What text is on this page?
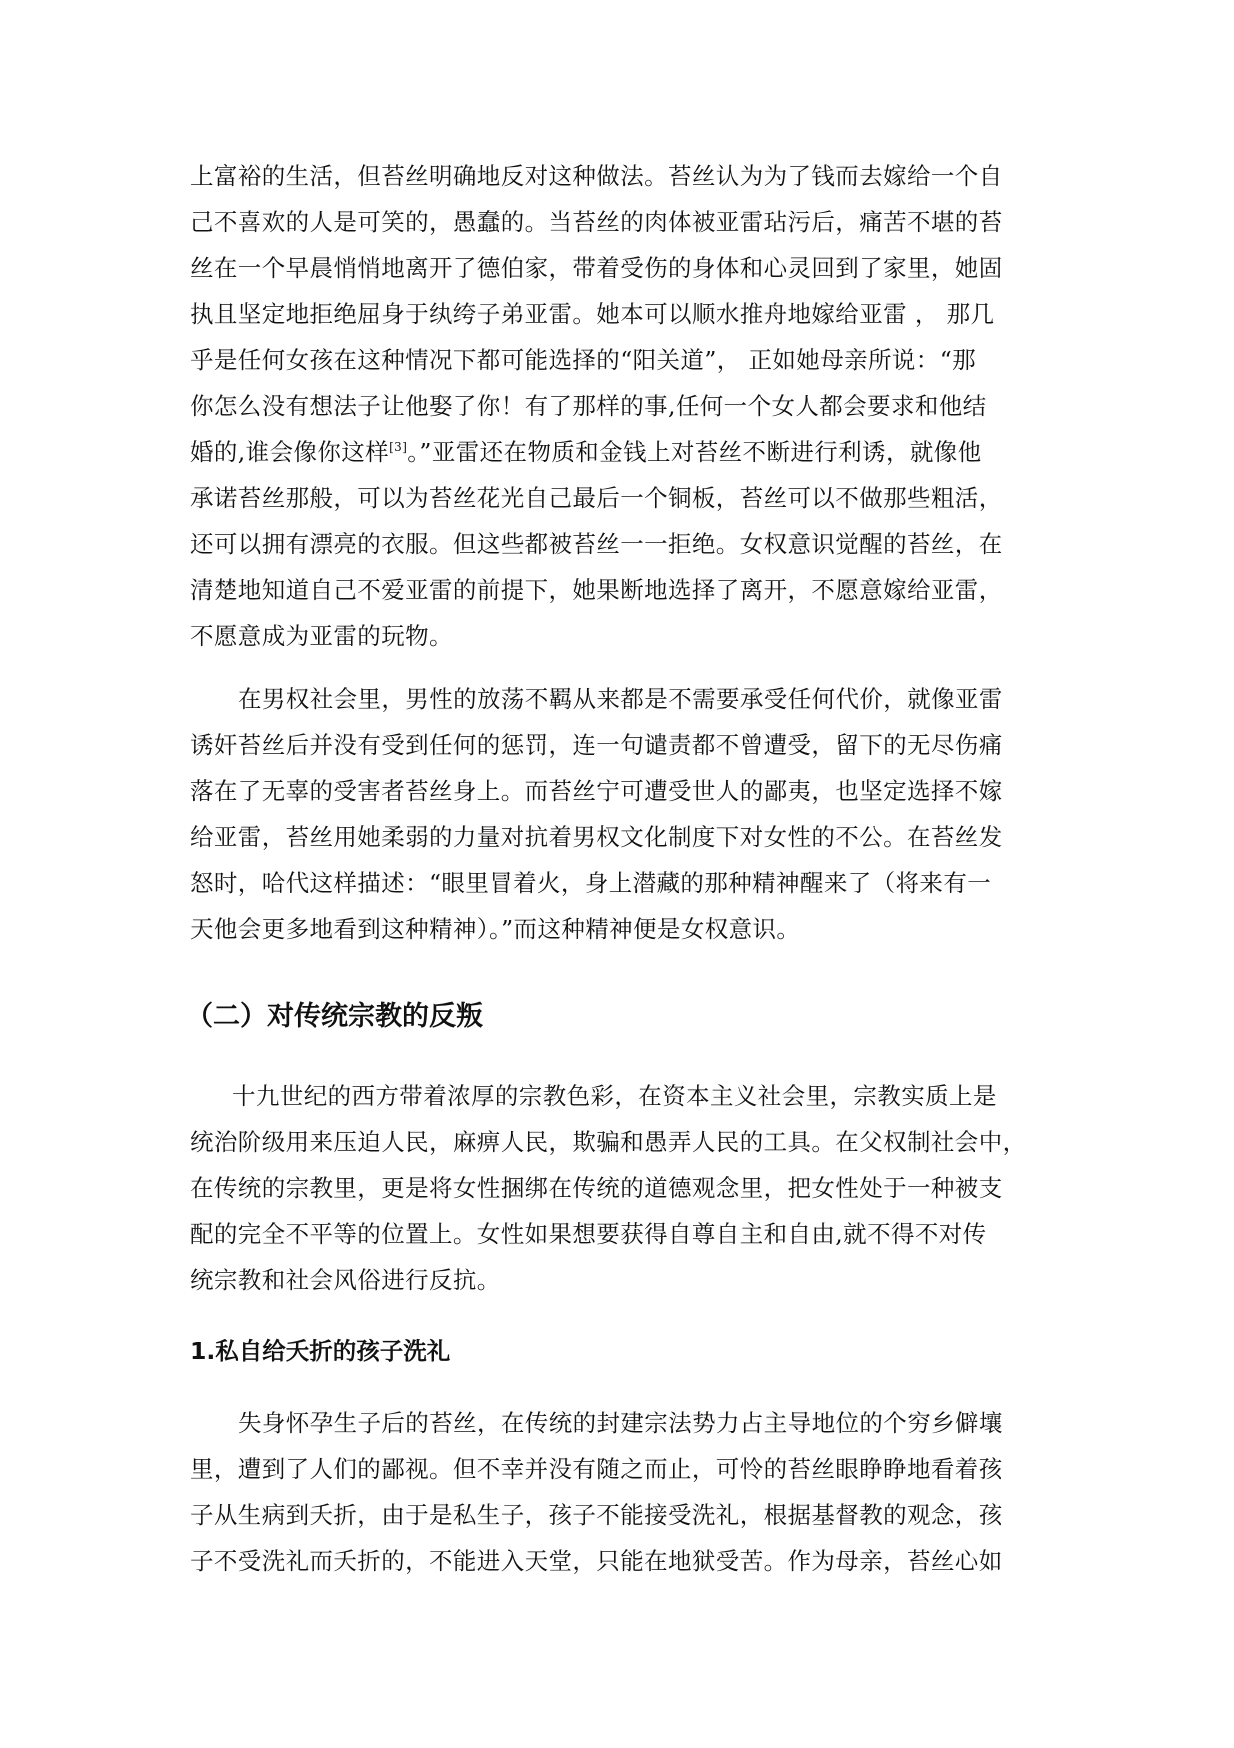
上富裕的生活，但苔丝明确地反对这种做法。苔丝认为为了钱而去嫁给一个自
己不喜欢的人是可笑的，愚蠢的。当苔丝的肉体被亚雷玷污后，痛苦不堪的苔
丝在一个早晨悄悄地离开了德伯家，带着受伤的身体和心灵回到了家里，她固
执且坚定地拒绝屈身于纨绔子弟亚雷。她本可以顺水推舟地嫁给亚雷 ， 那几
乎是任何女孩在这种情况下都可能选择的“阳关道”， 正如她母亲所说：“那
你怎么没有想法子让他娶了你！有了那样的事,任何一个女人都会要求和他结
婚的,谁会像你这样[3]。”亚雷还在物质和金钱上对苔丝不断进行利诱，就像他
承诺苔丝那般，可以为苔丝花光自己最后一个铜板，苔丝可以不做那些粗活，
还可以拥有漂亮的衣服。但这些都被苔丝一一拒绝。女权意识觉醒的苔丝，在
清楚地知道自己不爱亚雷的前提下，她果断地选择了离开，不愿意嫁给亚雷，
不愿意成为亚雷的玩物。
在男权社会里，男性的放荡不羁从来都是不需要承受任何代价，就像亚雷
诱奸苔丝后并没有受到任何的惩罚，连一句谴责都不曾遭受，留下的无尽伤痛
落在了无辜的受害者苔丝身上。而苔丝宁可遭受世人的鄙夷，也坚定选择不嫁
给亚雷，苔丝用她柔弱的力量对抗着男权文化制度下对女性的不公。在苔丝发
怒时，哈代这样描述：“眼里冒着火，身上潜藏的那种精神醒来了（将来有一
天他会更多地看到这种精神）。”而这种精神便是女权意识。
（二）对传统宗教的反叛
十九世纪的西方带着浓厚的宗教色彩，在资本主义社会里，宗教实质上是
统治阶级用来压迫人民，麻痹人民，欺骗和愚弄人民的工具。在父权制社会中，
在传统的宗教里，更是将女性捆绑在传统的道德观念里，把女性处于一种被支
配的完全不平等的位置上。女性如果想要获得自尊自主和自由,就不得不对传
统宗教和社会风俗进行反抗。
1.私自给夭折的孩子洗礼
失身怀孕生子后的苔丝，在传统的封建宗法势力占主导地位的个穷乡僻壤
里，遭到了人们的鄙视。但不幸并没有随之而止，可怜的苔丝眼睁睁地看着孩
子从生病到夭折，由于是私生子，孩子不能接受洗礼，根据基督教的观念，孩
子不受洗礼而夭折的，不能进入天堂，只能在地狱受苦。作为母亲，苔丝心如
